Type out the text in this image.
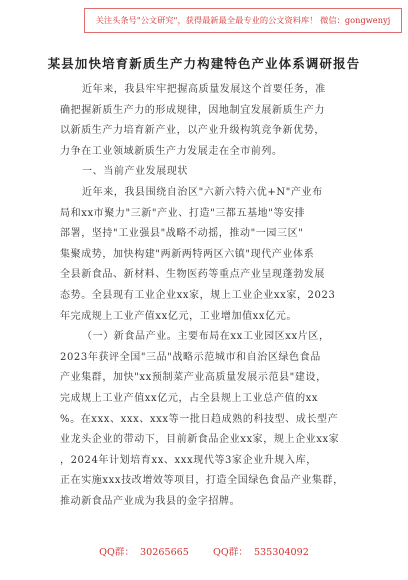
关注头条号"公文研究"，获得最新最全最专业的公文资料库！ 微信：gongwenyj
某县加快培育新质生产力构建特色产业体系调研报告
近年来，我县牢牢把握高质量发展这个首要任务，准
确把握新质生产力的形成规律，因地制宜发展新质生产力
以新质生产力培育新产业，以产业升级构筑竞争新优势，
力争在工业领域新质生产力发展走在全市前列。
一、当前产业发展现状
近年来，我县围绕自治区"六新六特六优+N"产业布
局和xx市聚力"三新"产业、打造"三都五基地"等安排
部署，坚持"工业强县"战略不动摇，推动"一园三区"
集聚成势，加快构建"两新两特两区六镇"现代产业体系
全县新食品、新材料、生物医药等重点产业呈现蓬勃发展
态势。全县现有工业企业xx家，规上工业企业xx家，2023
年完成规上工业产值xx亿元，工业增加值xx亿元。
（一）新食品产业。主要布局在xx工业园区xx片区，
2023年获评全国"三品"战略示范城市和自治区绿色食品
产业集群，加快"xx预制菜产业高质量发展示范县"建设，
完成规上工业产值xx亿元，占全县规上工业总产值的xx
%。在xxx、xxx、xxx等一批日趋成熟的科技型、成长型产
业龙头企业的带动下，目前新食品企业xx家，规上企业xx家
，2024年计划培育xx、xxx现代等3家企业升规入库，
正在实施xxx技改增效等项目，打造全国绿色食品产业集群，
推动新食品产业成为我县的金字招牌。
QQ群： 30265665	QQ群： 535304092
